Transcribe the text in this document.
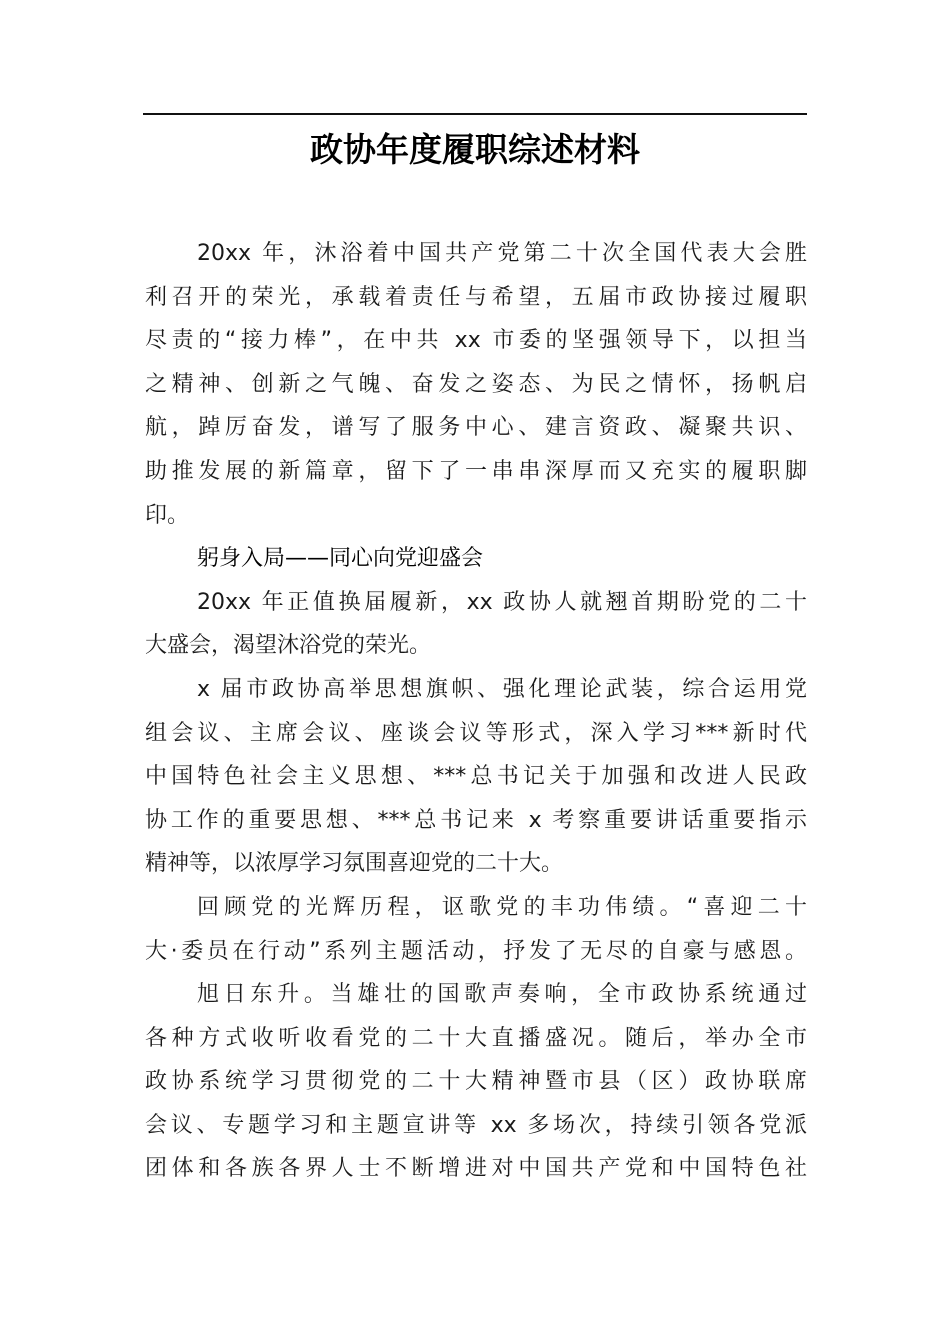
政协年度履职综述材料
20xx 年，沐浴着中国共产党第二十次全国代表大会胜
利召开的荣光，承载着责任与希望，五届市政协接过履职
尽责的“接力棒”，在中共 xx 市委的坚强领导下，以担当
之精神、创新之气魄、奋发之姿态、为民之情怀，扬帆启
航，踔厉奋发，谱写了服务中心、建言资政、凝聚共识、
助推发展的新篇章，留下了一串串深厚而又充实的履职脚
印。
躬身入局——同心向党迎盛会
20xx 年正值换届履新，xx 政协人就翘首期盼党的二十
大盛会，渴望沐浴党的荣光。
x 届市政协高举思想旗帜、强化理论武装，综合运用党
组会议、主席会议、座谈会议等形式，深入学习***新时代
中国特色社会主义思想、***总书记关于加强和改进人民政
协工作的重要思想、***总书记来 x 考察重要讲话重要指示
精神等，以浓厚学习氛围喜迎党的二十大。
回顾党的光辉历程，讴歌党的丰功伟绩。“喜迎二十
大·委员在行动”系列主题活动，抒发了无尽的自豪与感恩。
旭日东升。当雄壮的国歌声奏响，全市政协系统通过
各种方式收听收看党的二十大直播盛况。随后，举办全市
政协系统学习贯彻党的二十大精神暨市县（区）政协联席
会议、专题学习和主题宣讲等 xx 多场次，持续引领各党派
团体和各族各界人士不断增进对中国共产党和中国特色社
